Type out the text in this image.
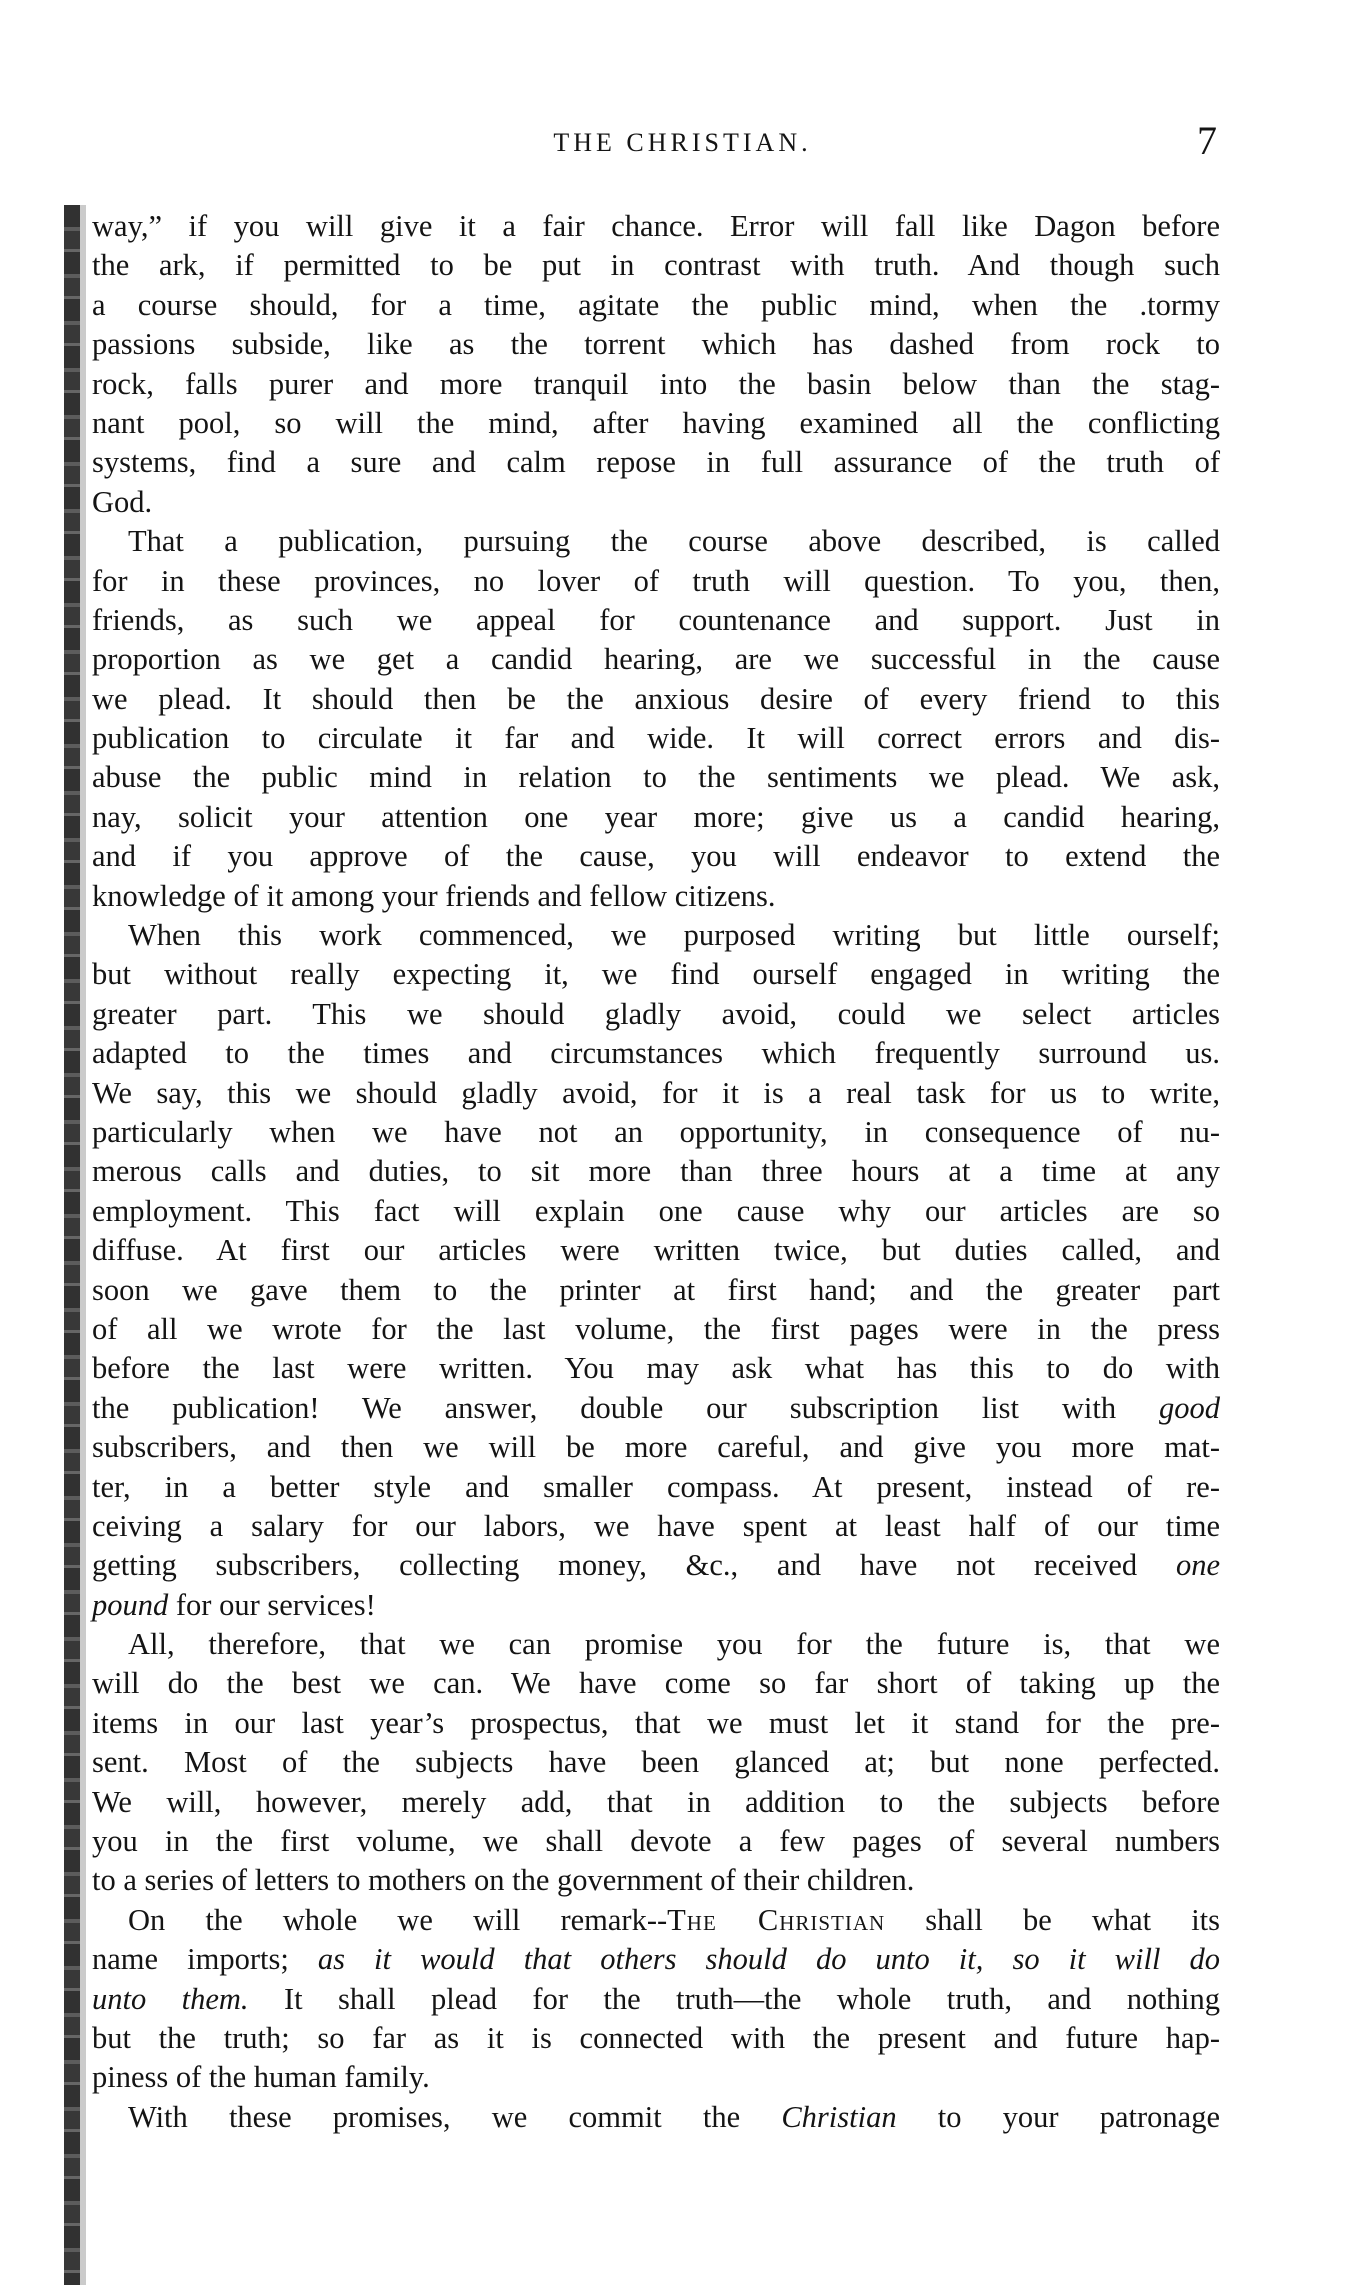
THE CHRISTIAN.	7
way,” if you will give it a fair chance. Error will fall like Dagon before
the ark, if permitted to be put in contrast with truth. And though such
a course should, for a time, agitate the public mind, when the .tormy
passions subside, like as the torrent which has dashed from rock to
rock, falls purer and more tranquil into the basin below than the stag-
nant pool, so will the mind, after having examined all the conflicting
systems, find a sure and calm repose in full assurance of the truth of
God.
That a publication, pursuing the course above described, is called
for in these provinces, no lover of truth will question. To you, then,
friends, as such we appeal for countenance and support. Just in
proportion as we get a candid hearing, are we successful in the cause
we plead. It should then be the anxious desire of every friend to this
publication to circulate it far and wide. It will correct errors and dis-
abuse the public mind in relation to the sentiments we plead. We ask,
nay, solicit your attention one year more; give us a candid hearing,
and if you approve of the cause, you will endeavor to extend the
knowledge of it among your friends and fellow citizens.
When this work commenced, we purposed writing but little ourself;
but without really expecting it, we find ourself engaged in writing the
greater part. This we should gladly avoid, could we select articles
adapted to the times and circumstances which frequently surround us.
We say, this we should gladly avoid, for it is a real task for us to write,
particularly when we have not an opportunity, in consequence of nu-
merous calls and duties, to sit more than three hours at a time at any
employment. This fact will explain one cause why our articles are so
diffuse. At first our articles were written twice, but duties called, and
soon we gave them to the printer at first hand; and the greater part
of all we wrote for the last volume, the first pages were in the press
before the last were written. You may ask what has this to do with
the publication! We answer, double our subscription list with good
subscribers, and then we will be more careful, and give you more mat-
ter, in a better style and smaller compass. At present, instead of re-
ceiving a salary for our labors, we have spent at least half of our time
getting subscribers, collecting money, &c., and have not received one
pound for our services!
All, therefore, that we can promise you for the future is, that we
will do the best we can. We have come so far short of taking up the
items in our last year’s prospectus, that we must let it stand for the pre-
sent. Most of the subjects have been glanced at; but none perfected.
We will, however, merely add, that in addition to the subjects before
you in the first volume, we shall devote a few pages of several numbers
to a series of letters to mothers on the government of their children.
On the whole we will remark--The Christian shall be what its
name imports; as it would that others should do unto it, so it will do
unto them. It shall plead for the truth—the whole truth, and nothing
but the truth; so far as it is connected with the present and future hap-
piness of the human family.
With these promises, we commit the Christian to your patronage
